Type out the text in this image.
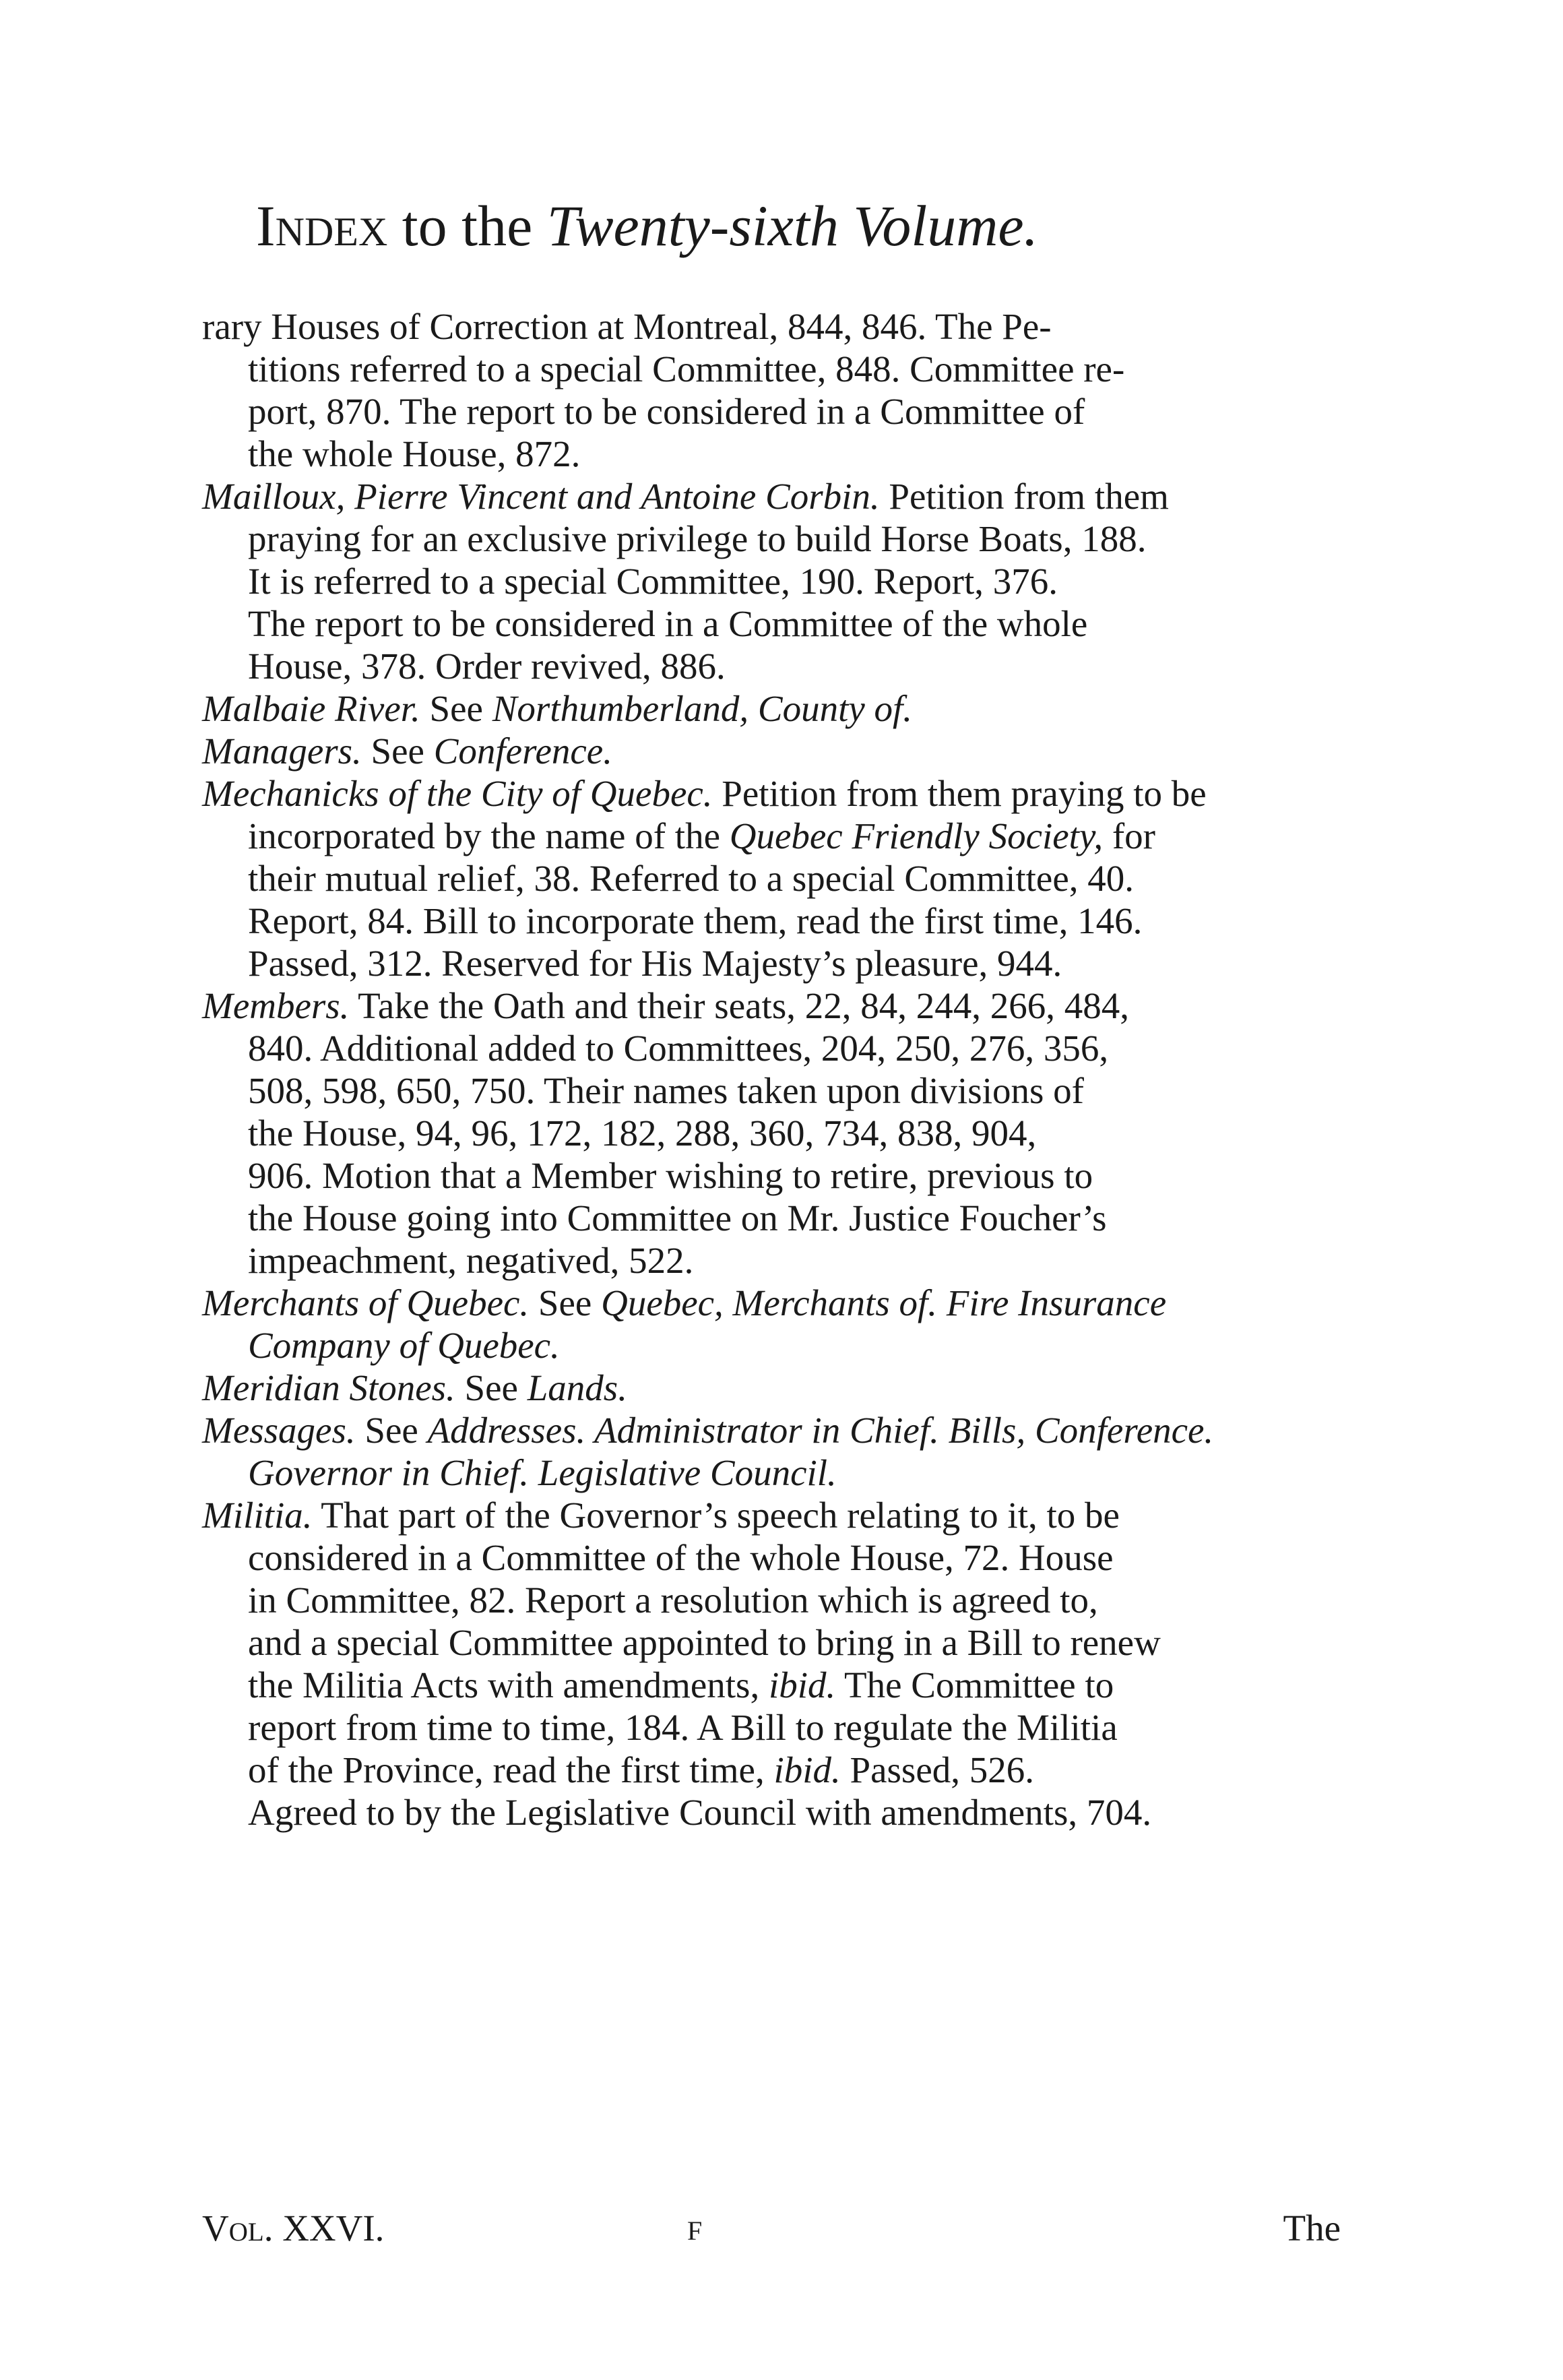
Index to the Twenty-sixth Volume.
rary Houses of Correction at Montreal, 844, 846. The Pe-
titions referred to a special Committee, 848. Committee re-
port, 870. The report to be considered in a Committee of
the whole House, 872.
Mailloux, Pierre Vincent and Antoine Corbin. Petition from them
praying for an exclusive privilege to build Horse Boats, 188.
It is referred to a special Committee, 190. Report, 376.
The report to be considered in a Committee of the whole
House, 378. Order revived, 886.
Malbaie River. See Northumberland, County of.
Managers. See Conference.
Mechanicks of the City of Quebec. Petition from them praying to be
incorporated by the name of the Quebec Friendly Society, for
their mutual relief, 38. Referred to a special Committee, 40.
Report, 84. Bill to incorporate them, read the first time, 146.
Passed, 312. Reserved for His Majesty’s pleasure, 944.
Members. Take the Oath and their seats, 22, 84, 244, 266, 484,
840. Additional added to Committees, 204, 250, 276, 356,
508, 598, 650, 750. Their names taken upon divisions of
the House, 94, 96, 172, 182, 288, 360, 734, 838, 904,
906. Motion that a Member wishing to retire, previous to
the House going into Committee on Mr. Justice Foucher’s
impeachment, negatived, 522.
Merchants of Quebec. See Quebec, Merchants of. Fire Insurance
Company of Quebec.
Meridian Stones. See Lands.
Messages. See Addresses. Administrator in Chief. Bills, Conference.
Governor in Chief. Legislative Council.
Militia. That part of the Governor’s speech relating to it, to be
considered in a Committee of the whole House, 72. House
in Committee, 82. Report a resolution which is agreed to,
and a special Committee appointed to bring in a Bill to renew
the Militia Acts with amendments, ibid. The Committee to
report from time to time, 184. A Bill to regulate the Militia
of the Province, read the first time, ibid. Passed, 526.
Agreed to by the Legislative Council with amendments, 704.
Vol. XXVI.	F	The
